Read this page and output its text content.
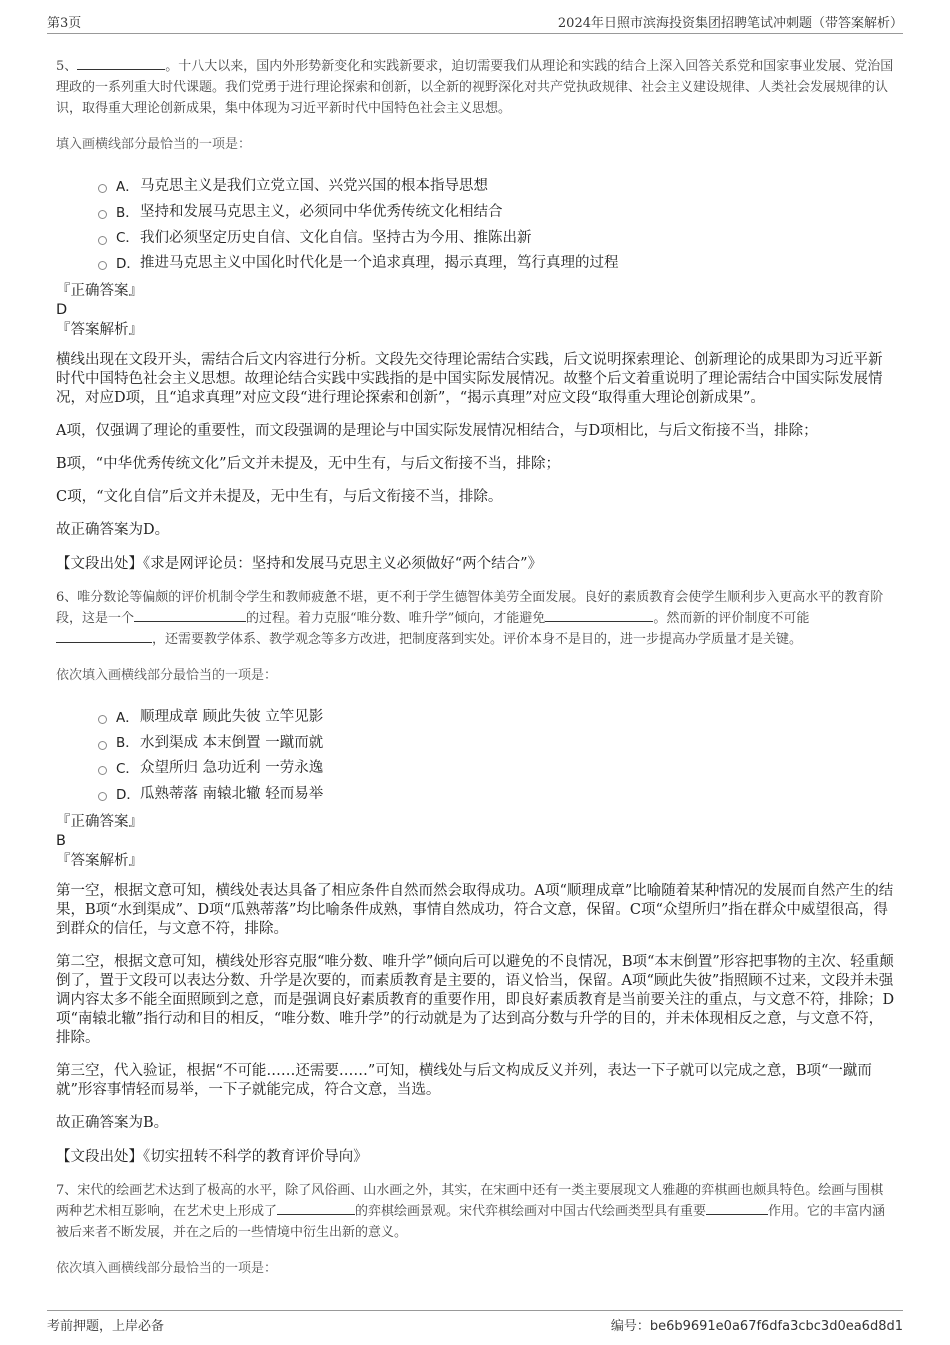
第3页	2024年日照市滨海投资集团招聘笔试冲刺题（带答案解析）
5、	。十八大以来，国内外形势新变化和实践新要求，迫切需要我们从理论和实践的结合上深入回答关系党和国家事业发展、党治国理政的一系列重大时代课题。我们党勇于进行理论探索和创新，以全新的视野深化对共产党执政规律、社会主义建设规律、人类社会发展规律的认识，取得重大理论创新成果，集中体现为习近平新时代中国特色社会主义思想。
填入画横线部分最恰当的一项是：
A． 马克思主义是我们立党立国、兴党兴国的根本指导思想
B． 坚持和发展马克思主义，必须同中华优秀传统文化相结合
C． 我们必须坚定历史自信、文化自信。坚持古为今用、推陈出新
D． 推进马克思主义中国化时代化是一个追求真理，揭示真理，笃行真理的过程
『正确答案』
D
『答案解析』
横线出现在文段开头，需结合后文内容进行分析。文段先交待理论需结合实践，后文说明探索理论、创新理论的成果即为习近平新时代中国特色社会主义思想。故理论结合实践中实践指的是中国实际发展情况。故整个后文着重说明了理论需结合中国实际发展情况，对应D项，且“追求真理”对应文段“进行理论探索和创新”，“揭示真理”对应文段“取得重大理论创新成果”。
A项，仅强调了理论的重要性，而文段强调的是理论与中国实际发展情况相结合，与D项相比，与后文衔接不当，排除；
B项，“中华优秀传统文化”后文并未提及，无中生有，与后文衔接不当，排除；
C项，“文化自信”后文并未提及，无中生有，与后文衔接不当，排除。
故正确答案为D。
【文段出处】《求是网评论员：坚持和发展马克思主义必须做好“两个结合”》
6、唯分数论等偏颇的评价机制令学生和教师疲惫不堪，更不利于学生德智体美劳全面发展。良好的素质教育会使学生顺利步入更高水平的教育阶段，这是一个	的过程。着力克服“唯分数、唯升学”倾向，才能避免	。然而新的评价制度不可能，还需要教学体系、教学观念等多方改进，把制度落到实处。评价本身不是目的，进一步提高办学质量才是关键。
依次填入画横线部分最恰当的一项是：
A． 顺理成章 顾此失彼 立竿见影
B． 水到渠成 本末倒置 一蹴而就
C． 众望所归 急功近利 一劳永逸
D． 瓜熟蒂落 南辕北辙 轻而易举
『正确答案』
B
『答案解析』
第一空，根据文意可知，横线处表达具备了相应条件自然而然会取得成功。A项“顺理成章”比喻随着某种情况的发展而自然产生的结果，B项“水到渠成”、D项“瓜熟蒂落”均比喻条件成熟，事情自然成功，符合文意，保留。C项“众望所归”指在群众中威望很高，得到群众的信任，与文意不符，排除。
第二空，根据文意可知，横线处形容克服“唯分数、唯升学”倾向后可以避免的不良情况，B项“本末倒置”形容把事物的主次、轻重颠倒了，置于文段可以表达分数、升学是次要的，而素质教育是主要的，语义恰当，保留。A项“顾此失彼”指照顾不过来，文段并未强调内容太多不能全面照顾到之意，而是强调良好素质教育的重要作用，即良好素质教育是当前要关注的重点，与文意不符，排除；D项“南辕北辙”指行动和目的相反，“唯分数、唯升学”的行动就是为了达到高分数与升学的目的，并未体现相反之意，与文意不符，排除。
第三空，代入验证，根据“不可能……还需要……”可知，横线处与后文构成反义并列，表达一下子就可以完成之意，B项“一蹴而就”形容事情轻而易举，一下子就能完成，符合文意，当选。
故正确答案为B。
【文段出处】《切实扭转不科学的教育评价导向》
7、宋代的绘画艺术达到了极高的水平，除了风俗画、山水画之外，其实，在宋画中还有一类主要展现文人雅趣的弈棋画也颇具特色。绘画与围棋两种艺术相互影响，在艺术史上形成了	的弈棋绘画景观。宋代弈棋绘画对中国古代绘画类型具有重要	作用。它的丰富内涵被后来者不断发展，并在之后的一些情境中衍生出新的意义。
依次填入画横线部分最恰当的一项是：
考前押题，上岸必备	编号：be6b9691e0a67f6dfa3cbc3d0ea6d8d1
